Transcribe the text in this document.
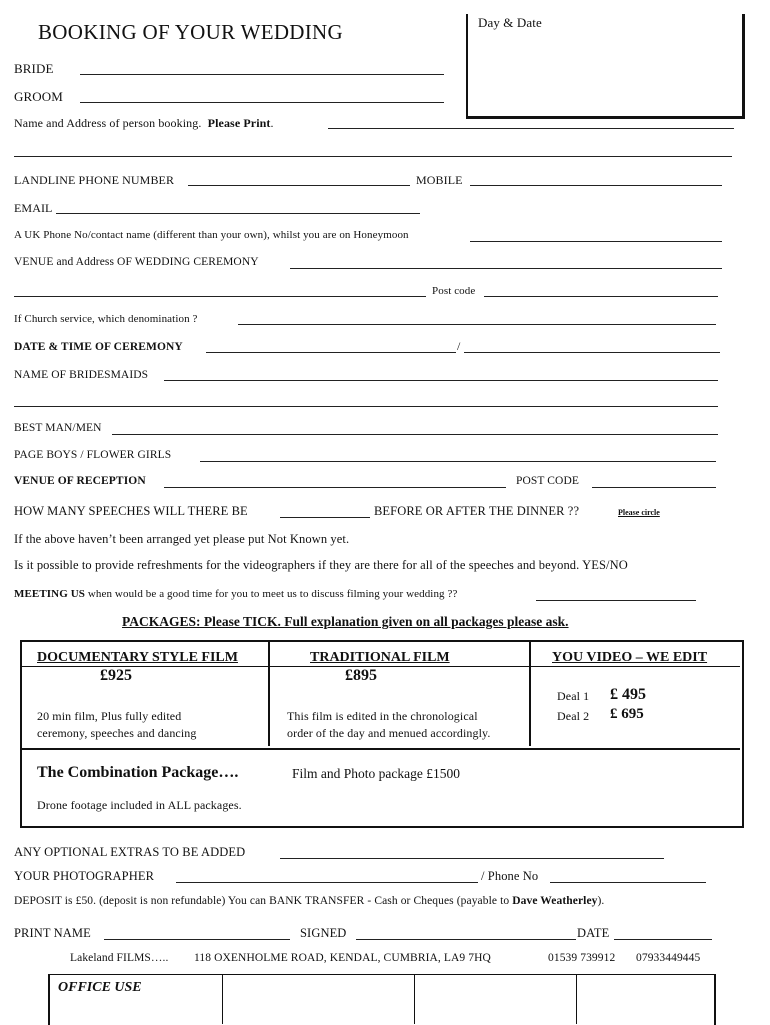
BOOKING OF YOUR WEDDING	Day & Date
BRIDE
GROOM
Name and Address of person booking. Please Print.
LANDLINE PHONE NUMBER	MOBILE
EMAIL
A UK Phone No/contact name (different than your own), whilst you are on Honeymoon
VENUE and Address OF WEDDING CEREMONY
Post code
If Church service, which denomination ?
DATE & TIME OF CEREMONY	/
NAME OF BRIDESMAIDS
BEST MAN/MEN
PAGE BOYS / FLOWER GIRLS
VENUE OF RECEPTION	POST CODE
HOW MANY SPEECHES WILL THERE BE	BEFORE OR AFTER THE DINNER ??	Please circle
If the above haven’t been arranged yet please put Not Known yet.
Is it possible to provide refreshments for the videographers if they are there for all of the speeches and beyond. YES/NO
MEETING US when would be a good time for you to meet us to discuss filming your wedding ??
PACKAGES: Please TICK. Full explanation given on all packages please ask.
DOCUMENTARY STYLE FILM
£925
20 min film, Plus fully edited
ceremony, speeches and dancing
TRADITIONAL FILM
£895
This film is edited in the chronological
order of the day and menued accordingly.
YOU VIDEO – WE EDIT
Deal 1 £ 495
Deal 2 £ 695
The Combination Package….	Film and Photo package £1500
Drone footage included in ALL packages.
ANY OPTIONAL EXTRAS TO BE ADDED
YOUR PHOTOGRAPHER	/ Phone No
DEPOSIT is £50. (deposit is non refundable) You can BANK TRANSFER - Cash or Cheques (payable to Dave Weatherley).
PRINT NAME	SIGNED	DATE
Lakeland FILMS….. 118 OXENHOLME ROAD, KENDAL, CUMBRIA, LA9 7HQ	01539 739912 07933449445
OFFICE USE
